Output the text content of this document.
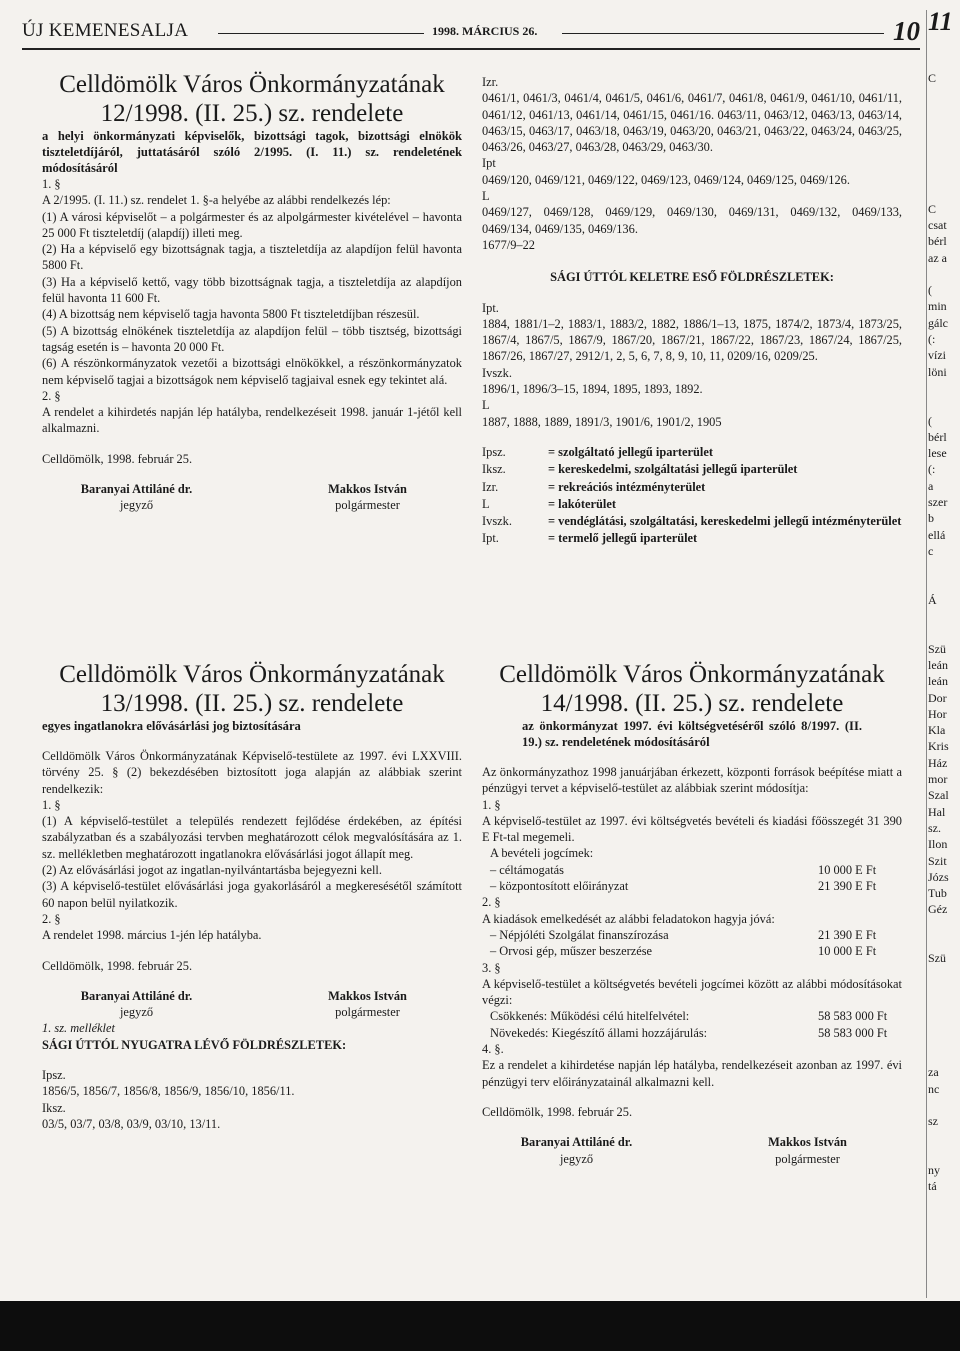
ÚJ KEMENESALJA	1998. MÁRCIUS 26.	10
Celldömölk Város Önkormányzatának
12/1998. (II. 25.) sz. rendelete

a helyi önkormányzati képviselők, bizottsági tagok, bizottsági elnökök tiszteletdíjáról, juttatásáról szóló 2/1995. (I. 11.) sz. rendeletének módosításáról

1. §

A 2/1995. (I. 11.) sz. rendelet 1. §-a helyébe az alábbi rendelkezés lép:

(1) A városi képviselőt – a polgármester és az alpolgármester kivételével – havonta 25 000 Ft tiszteletdíj (alapdíj) illeti meg.

(2) Ha a képviselő egy bizottságnak tagja, a tiszteletdíja az alapdíjon felül havonta 5800 Ft.

(3) Ha a képviselő kettő, vagy több bizottságnak tagja, a tiszteletdíja az alapdíjon felül havonta 11 600 Ft.

(4) A bizottság nem képviselő tagja havonta 5800 Ft tiszteletdíjban részesül.

(5) A bizottság elnökének tiszteletdíja az alapdíjon felül – több tisztség, bizottsági tagság esetén is – havonta 20 000 Ft.

(6) A részönkormányzatok vezetői a bizottsági elnökökkel, a részönkormányzatok nem képviselő tagjai a bizottságok nem képviselő tagjaival esnek egy tekintet alá.

2. §

A rendelet a kihirdetés napján lép hatályba, rendelkezéseit 1998. január 1-jétől kell alkalmazni.

Celldömölk, 1998. február 25.

Baranyai Attiláné dr.	Makkos István
jegyző	polgármester
Celldömölk Város Önkormányzatának
13/1998. (II. 25.) sz. rendelete

egyes ingatlanokra elővásárlási jog biztosítására

Celldömölk Város Önkormányzatának Képviselő-testülete az 1997. évi LXXVIII. törvény 25. § (2) bekezdésében biztosított joga alapján az alábbiak szerint rendelkezik:

1. §

(1) A képviselő-testület a település rendezett fejlődése érdekében, az építési szabályzatban és a szabályozási tervben meghatározott célok megvalósítására az 1. sz. mellékletben meghatározott ingatlanokra elővásárlási jogot állapít meg.

(2) Az elővásárlási jogot az ingatlan-nyilvántartásba bejegyezni kell.

(3) A képviselő-testület elővásárlási joga gyakorlásáról a megkeresésétől számított 60 napon belül nyilatkozik.

2. §

A rendelet 1998. március 1-jén lép hatályba.

Celldömölk, 1998. február 25.

Baranyai Attiláné dr.	Makkos István
jegyző	polgármester

1. sz. melléklet

SÁGI ÚTTÓL NYUGATRA LÉVŐ FÖLDRÉSZLETEK:

Ipsz.

1856/5, 1856/7, 1856/8, 1856/9, 1856/10, 1856/11.

Iksz.

03/5, 03/7, 03/8, 03/9, 03/10, 13/11.

Izr.

0461/1, 0461/3, 0461/4, 0461/5, 0461/6, 0461/7, 0461/8, 0461/9, 0461/10, 0461/11, 0461/12, 0461/13, 0461/14, 0461/15, 0461/16. 0463/11, 0463/12, 0463/13, 0463/14, 0463/15, 0463/17, 0463/18, 0463/19, 0463/20, 0463/21, 0463/22, 0463/24, 0463/25, 0463/26, 0463/27, 0463/28, 0463/29, 0463/30.

Ipt

0469/120, 0469/121, 0469/122, 0469/123, 0469/124, 0469/125, 0469/126.

L

0469/127, 0469/128, 0469/129, 0469/130, 0469/131, 0469/132, 0469/133, 0469/134, 0469/135, 0469/136.

1677/9–22

SÁGI ÚTTÓL KELETRE ESŐ FÖLDRÉSZLETEK:

Ipt.

1884, 1881/1–2, 1883/1, 1883/2, 1882, 1886/1–13, 1875, 1874/2, 1873/4, 1873/25, 1867/4, 1867/5, 1867/9, 1867/20, 1867/21, 1867/22, 1867/23, 1867/24, 1867/25, 1867/26, 1867/27, 2912/1, 2, 5, 6, 7, 8, 9, 10, 11, 0209/16, 0209/25.

Ivszk.

1896/1, 1896/3–15, 1894, 1895, 1893, 1892.

L

1887, 1888, 1889, 1891/3, 1901/6, 1901/2, 1905

Ipsz.	= szolgáltató jellegű iparterület
Iksz.	= kereskedelmi, szolgáltatási jellegű iparterület
Izr.	= rekreációs intézményterület
L	= lakóterület
Ivszk.	= vendéglátási, szolgáltatási, kereskedelmi jellegű intézményterület
Ipt.	= termelő jellegű iparterület
Celldömölk Város Önkormányzatának
14/1998. (II. 25.) sz. rendelete

az önkormányzat 1997. évi költségvetéséről szóló 8/1997. (II. 19.) sz. rendeletének módosításáról

Az önkormányzathoz 1998 januárjában érkezett, központi források beépítése miatt a pénzügyi tervet a képviselő-testület az alábbiak szerint módosítja:

1. §

A képviselő-testület az 1997. évi költségvetés bevételi és kiadási főösszegét 31 390 E Ft-tal megemeli.

A bevételi jogcímek:

– céltámogatás	10 000 E Ft
– központosított előirányzat	21 390 E Ft

2. §

A kiadások emelkedését az alábbi feladatokon hagyja jóvá:

– Népjóléti Szolgálat finanszírozása	21 390 E Ft
– Orvosi gép, műszer beszerzése	10 000 E Ft

3. §

A képviselő-testület a költségvetés bevételi jogcímei között az alábbi módosításokat végzi:

Csökkenés: Működési célú hitelfelvétel:	58 583 000 Ft
Növekedés: Kiegészítő állami hozzájárulás:	58 583 000 Ft

4. §.

Ez a rendelet a kihirdetése napján lép hatályba, rendelkezéseit azonban az 1997. évi pénzügyi terv előirányzatainál alkalmazni kell.

Celldömölk, 1998. február 25.

Baranyai Attiláné dr.	Makkos István
jegyző	polgármester
11
C
C
csat
bérl
az a
(
min
gálc
(:
vízi
löni
(
bérl
lese
(:
a
szer
b
ellá
c
Á
Szü
leán
leán
Dor
Hor
Kla
Kris
Ház
mor
Szal
Hal
sz.
Ilon
Szit
Józs
Tub
Géz
Szü
za
nc
sz
ny
tá
